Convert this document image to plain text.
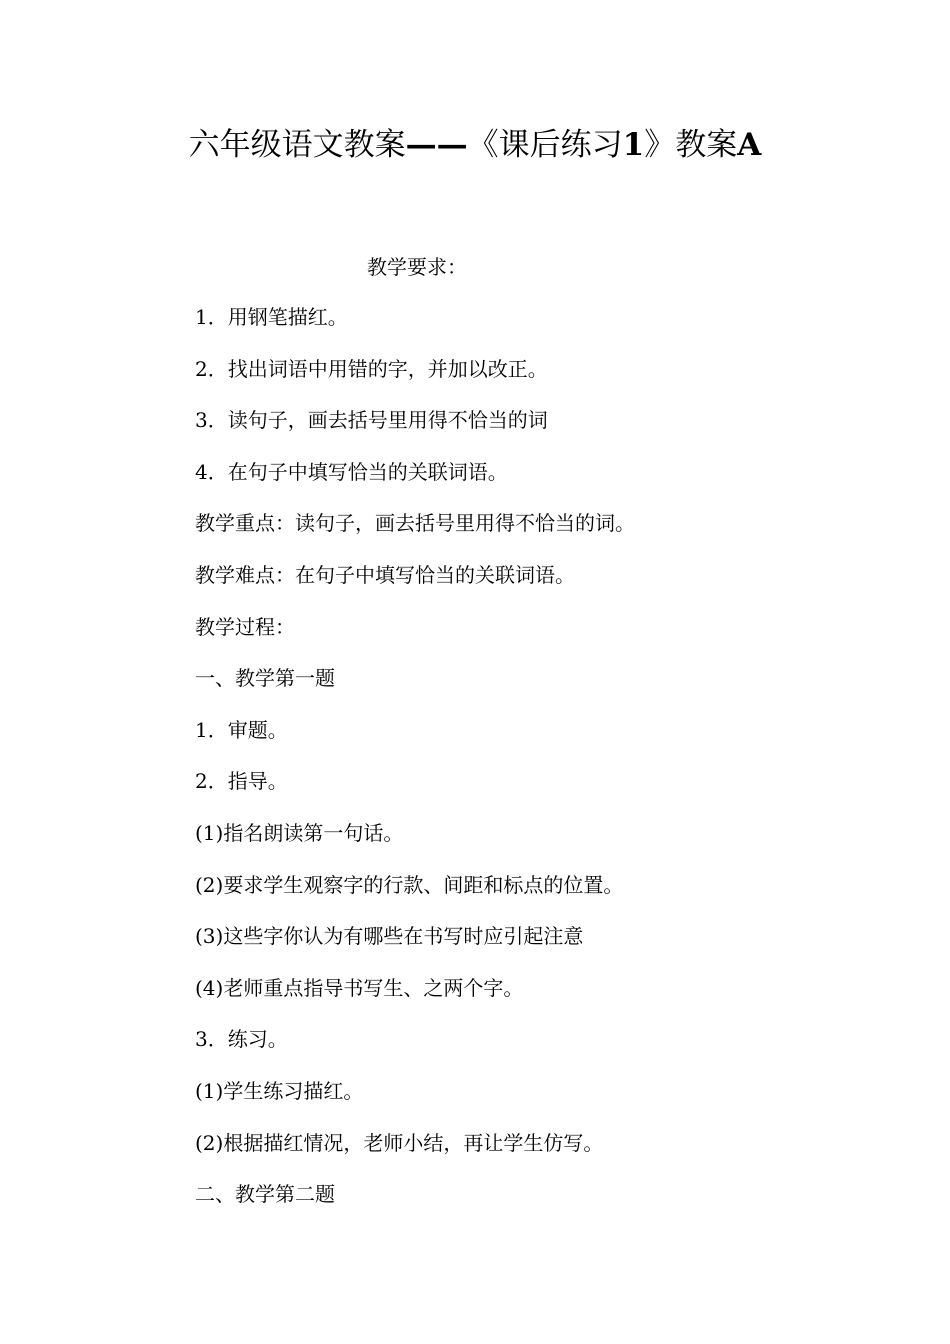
六年级语文教案——《课后练习1》教案A
教学要求：
1．用钢笔描红。
2．找出词语中用错的字，并加以改正。
3．读句子，画去括号里用得不恰当的词
4．在句子中填写恰当的关联词语。
教学重点：读句子，画去括号里用得不恰当的词。
教学难点：在句子中填写恰当的关联词语。
教学过程：
一、教学第一题
1．审题。
2．指导。
(1)指名朗读第一句话。
(2)要求学生观察字的行款、间距和标点的位置。
(3)这些字你认为有哪些在书写时应引起注意
(4)老师重点指导书写生、之两个字。
3．练习。
(1)学生练习描红。
(2)根据描红情况，老师小结，再让学生仿写。
二、教学第二题
